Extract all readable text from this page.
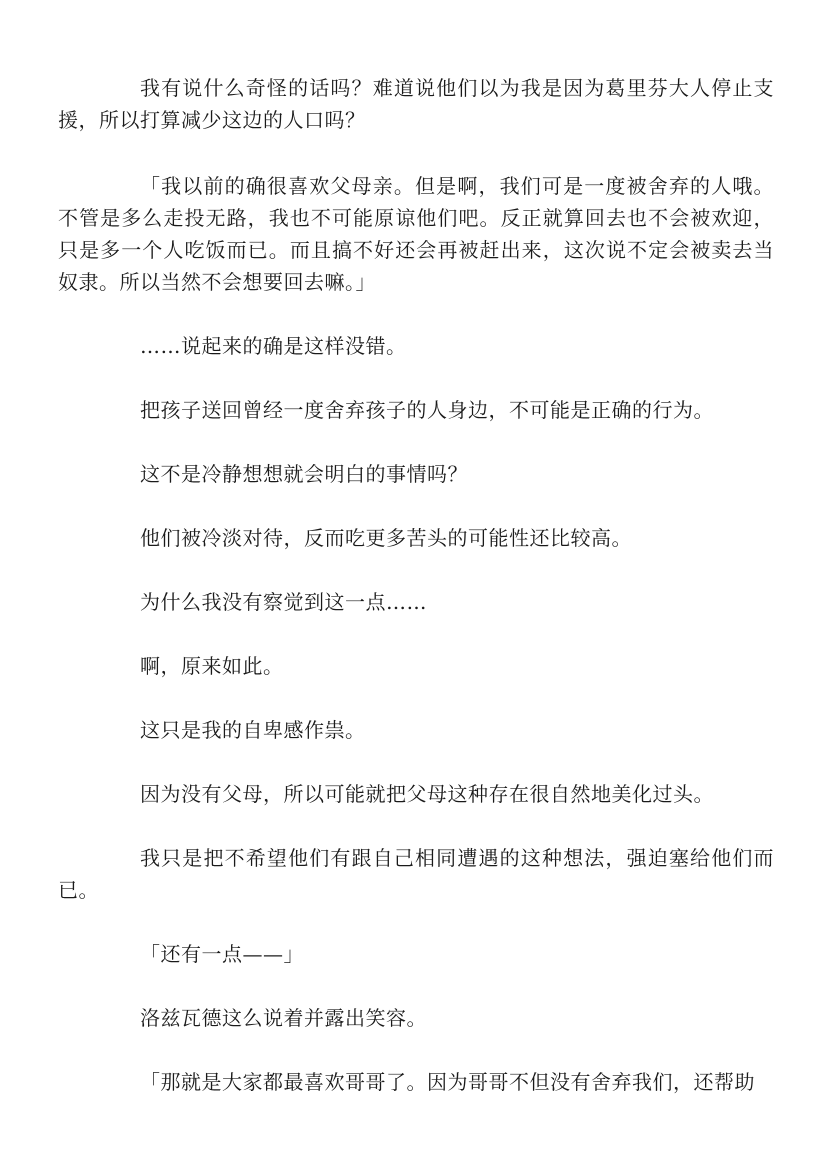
我有说什么奇怪的话吗？难道说他们以为我是因为葛里芬大人停止支援，所以打算减少这边的人口吗？

「我以前的确很喜欢父母亲。但是啊，我们可是一度被舍弃的人哦。不管是多么走投无路，我也不可能原谅他们吧。反正就算回去也不会被欢迎，只是多一个人吃饭而已。而且搞不好还会再被赶出来，这次说不定会被卖去当奴隶。所以当然不会想要回去嘛。」

……说起来的确是这样没错。

把孩子送回曾经一度舍弃孩子的人身边，不可能是正确的行为。

这不是冷静想想就会明白的事情吗？

他们被冷淡对待，反而吃更多苦头的可能性还比较高。

为什么我没有察觉到这一点……

啊，原来如此。

这只是我的自卑感作祟。

因为没有父母，所以可能就把父母这种存在很自然地美化过头。

我只是把不希望他们有跟自己相同遭遇的这种想法，强迫塞给他们而已。

「还有一点——」

洛兹瓦德这么说着并露出笑容。

「那就是大家都最喜欢哥哥了。因为哥哥不但没有舍弃我们，还帮助
